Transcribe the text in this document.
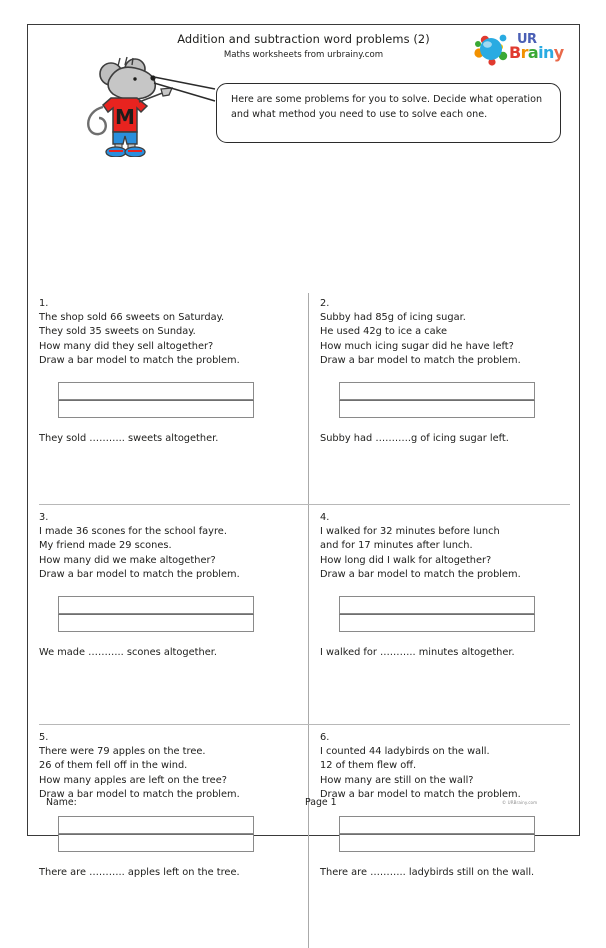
Addition and subtraction word problems (2)
Maths worksheets from urbrainy.com
UR
Brainy
M
Here are some problems for you to solve. Decide what operation and what method you need to use to solve each one.
1.
The shop sold 66 sweets on Saturday.
They sold 35 sweets on Sunday.
How many did they sell altogether?
Draw a bar model to match the problem.
They sold ……….. sweets altogether.
2.
Subby had 85g of icing sugar.
He used 42g to ice a cake
How much icing sugar did he have left?
Draw a bar model to match the problem.
Subby had ………..g of icing sugar left.
3.
I made 36 scones for the school fayre.
My friend made 29 scones.
How many did we make altogether?
Draw a bar model to match the problem.
We made ……….. scones altogether.
4.
I walked for 32 minutes before lunch
and for 17 minutes after lunch.
How long did I walk for altogether?
Draw a bar model to match the problem.
I walked for ……….. minutes altogether.
5.
There were 79 apples on the tree.
26 of them fell off in the wind.
How many apples are left on the tree?
Draw a bar model to match the problem.
There are ……….. apples left on the tree.
6.
I counted 44 ladybirds on the wall.
12 of them flew off.
How many are still on the wall?
Draw a bar model to match the problem.
There are ……….. ladybirds still on the wall.
Name:	Page 1	© URBrainy.com
